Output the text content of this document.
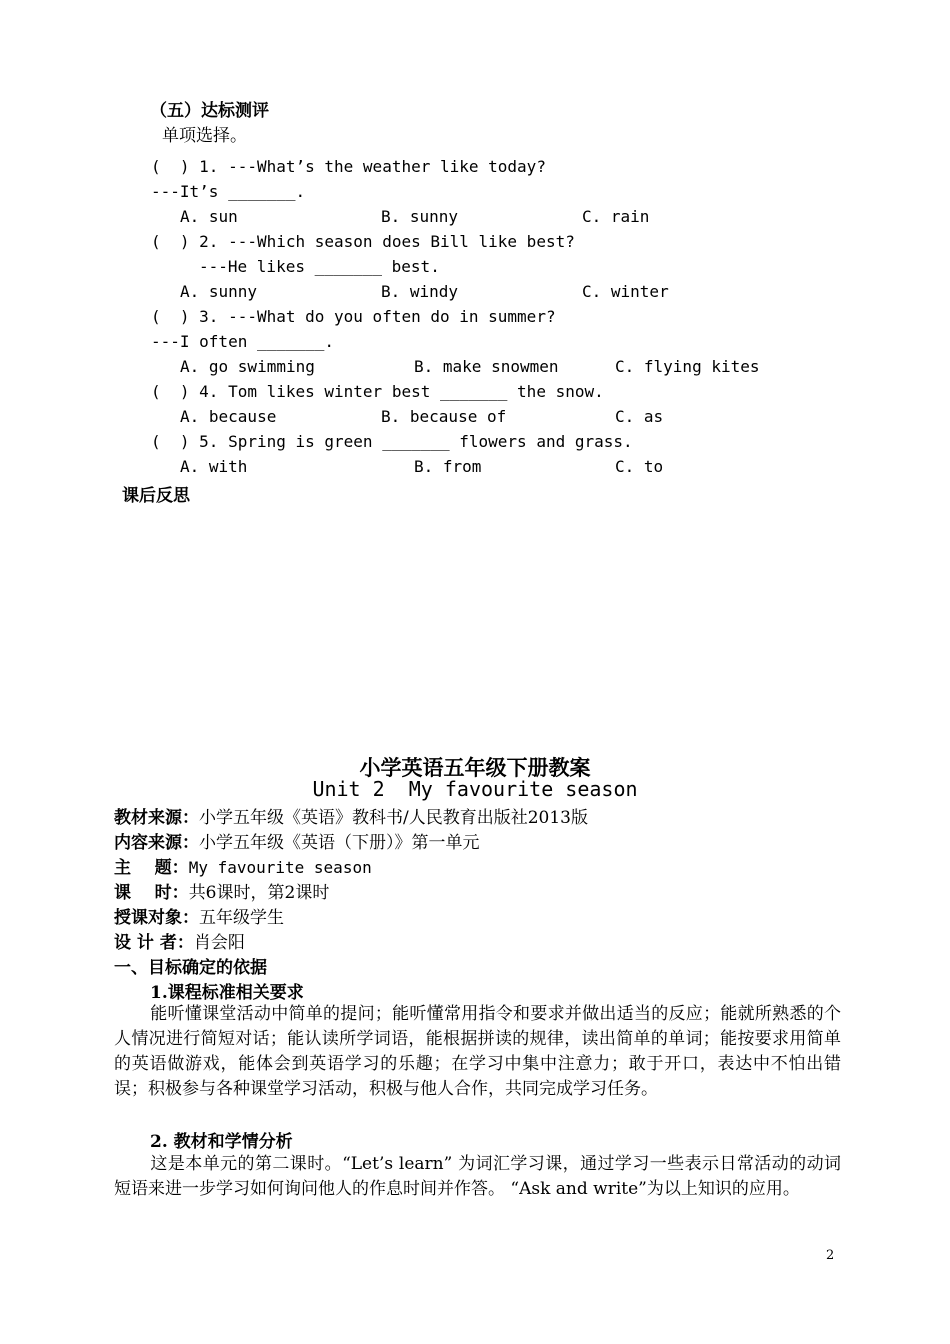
（五）达标测评
单项选择。
(  ) 1. ---What’s the weather like today?
---It’s _______.
A. sun	B. sunny	C. rain
(  ) 2. ---Which season does Bill like best?
---He likes _______ best.
A. sunny	B. windy	C. winter
(  ) 3. ---What do you often do in summer?
---I often _______.
A. go swimming	B. make snowmen	C. flying kites
(  ) 4. Tom likes winter best _______ the snow.
A. because	B. because of	C. as
(  ) 5. Spring is green _______ flowers and grass.
A. with	B. from	C. to
课后反思
小学英语五年级下册教案
Unit 2  My favourite season
教材来源：小学五年级《英语》教科书/人民教育出版社2013版
内容来源：小学五年级《英语（下册）》第一单元
主    题：My favourite season
课    时：共6课时，第2课时
授课对象：五年级学生
设 计 者：肖会阳
一、目标确定的依据
1.课程标准相关要求
能听懂课堂活动中简单的提问；能听懂常用指令和要求并做出适当的反应；能就所熟悉的个人情况进行简短对话；能认读所学词语，能根据拼读的规律，读出简单的单词；能按要求用简单的英语做游戏，能体会到英语学习的乐趣；在学习中集中注意力；敢于开口，表达中不怕出错误；积极参与各种课堂学习活动，积极与他人合作，共同完成学习任务。
2. 教材和学情分析
这是本单元的第二课时。“Let’s learn” 为词汇学习课，通过学习一些表示日常活动的动词短语来进一步学习如何询问他人的作息时间并作答。 “Ask and write”为以上知识的应用。
2
